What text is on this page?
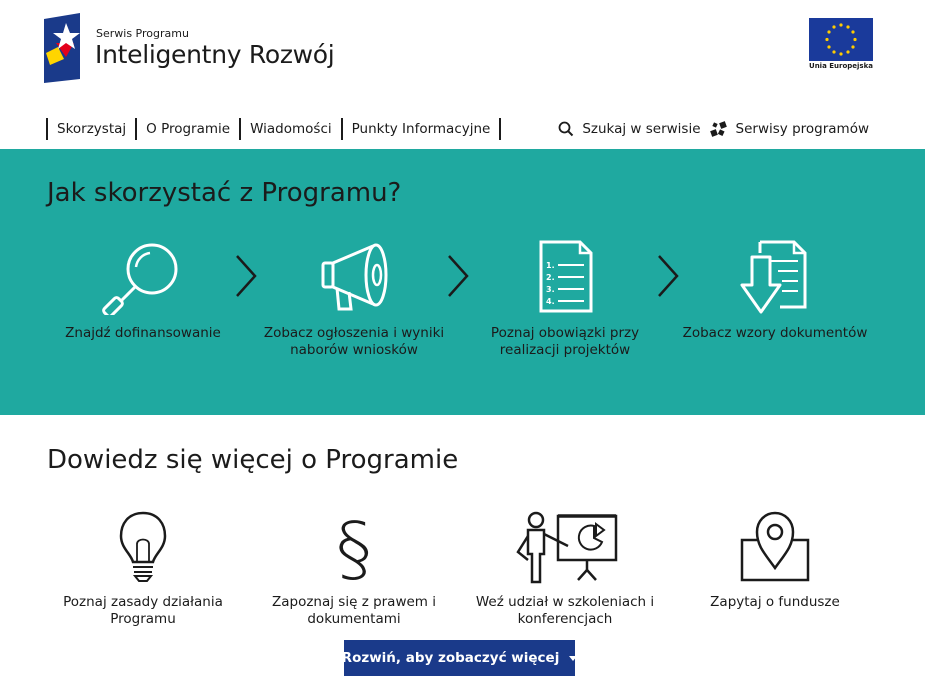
Serwis Programu
Inteligentny Rozwój	Unia Europejska
Skorzystaj	O Programie	Wiadomości	Punkty Informacyjne	Szukaj w serwisie	Serwisy programów
Jak skorzystać z Programu?
Znajdź dofinansowanie	Zobacz ogłoszenia i wyniki naborów wniosków
1.
2.
3.
4.
Poznaj obowiązki przy realizacji projektów
Zobacz wzory dokumentów
Dowiedz się więcej o Programie
Poznaj zasady działania Programu
§
Zapoznaj się z prawem i dokumentami
Weź udział w szkoleniach i konferencjach
Zapytaj o fundusze
Rozwiń, aby zobaczyć więcej
